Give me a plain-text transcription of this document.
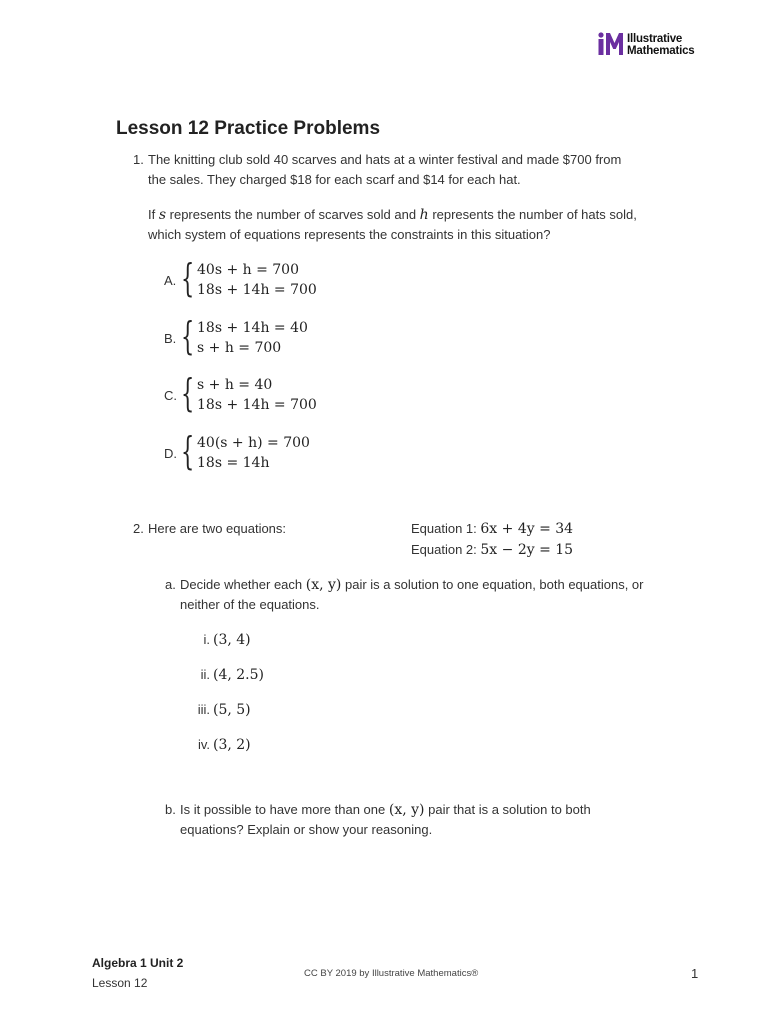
Illustrative
Mathematics
Lesson 12 Practice Problems
1. The knitting club sold 40 scarves and hats at a winter festival and made $700 from
the sales. They charged $18 for each scarf and $14 for each hat.
If s represents the number of scarves sold and h represents the number of hats sold,
which system of equations represents the constraints in this situation?
A. { 40s + h = 700
18s + 14h = 700
B. { 18s + 14h = 40
s + h = 700
C. { s + h = 40
18s + 14h = 700
D. { 40(s + h) = 700
18s = 14h
2. Here are two equations:	Equation 1: 6x + 4y = 34
Equation 2: 5x − 2y = 15
a. Decide whether each (x, y) pair is a solution to one equation, both equations, or
neither of the equations.
i. (3, 4)
ii. (4, 2.5)
iii. (5, 5)
iv. (3, 2)
b. Is it possible to have more than one (x, y) pair that is a solution to both
equations? Explain or show your reasoning.
Algebra 1 Unit 2
Lesson 12
CC BY 2019 by Illustrative Mathematics®	1
